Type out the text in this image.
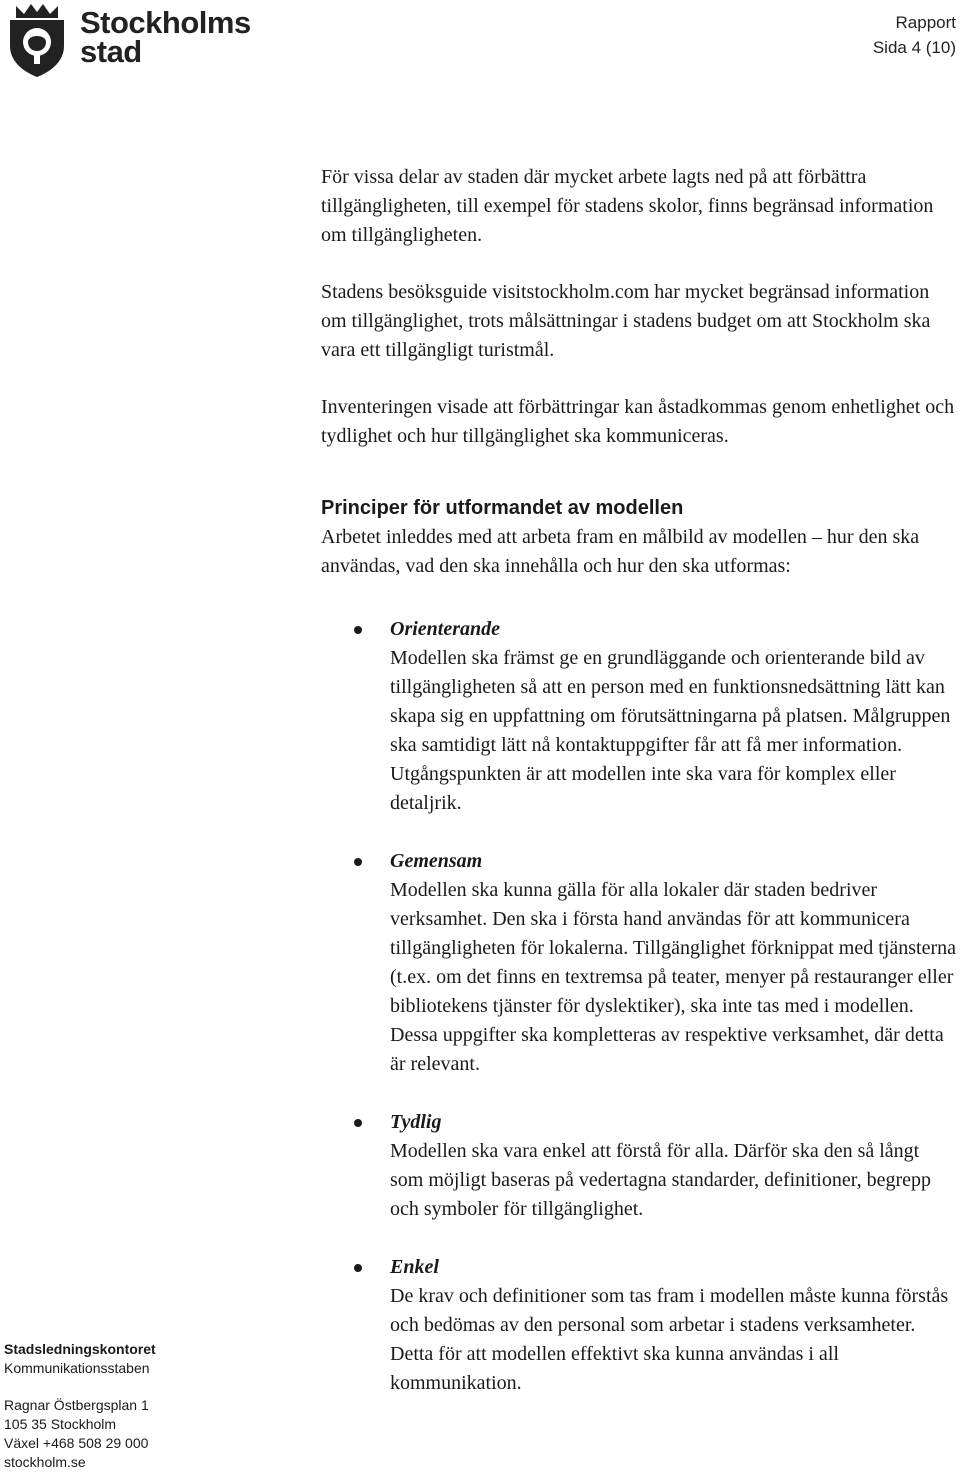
Stockholms
stad
Rapport
Sida 4 (10)

För vissa delar av staden där mycket arbete lagts ned på att förbättra tillgängligheten, till exempel för stadens skolor, finns begränsad information om tillgängligheten.

Stadens besöksguide visitstockholm.com har mycket begränsad information om tillgänglighet, trots målsättningar i stadens budget om att Stockholm ska vara ett tillgängligt turistmål.

Inventeringen visade att förbättringar kan åstadkommas genom enhetlighet och tydlighet och hur tillgänglighet ska kommuniceras.

Principer för utformandet av modellen

Arbetet inleddes med att arbeta fram en målbild av modellen – hur den ska användas, vad den ska innehålla och hur den ska utformas:

Orienterande
Modellen ska främst ge en grundläggande och orienterande bild av tillgängligheten så att en person med en funktionsnedsättning lätt kan skapa sig en uppfattning om förutsättningarna på platsen. Målgruppen ska samtidigt lätt nå kontaktuppgifter får att få mer information. Utgångspunkten är att modellen inte ska vara för komplex eller detaljrik.
Gemensam
Modellen ska kunna gälla för alla lokaler där staden bedriver verksamhet. Den ska i första hand användas för att kommunicera tillgängligheten för lokalerna. Tillgänglighet förknippat med tjänsterna (t.ex. om det finns en textremsa på teater, menyer på restauranger eller bibliotekens tjänster för dyslektiker), ska inte tas med i modellen. Dessa uppgifter ska kompletteras av respektive verksamhet, där detta är relevant.
Tydlig
Modellen ska vara enkel att förstå för alla. Därför ska den så långt som möjligt baseras på vedertagna standarder, definitioner, begrepp och symboler för tillgänglighet.
Enkel
De krav och definitioner som tas fram i modellen måste kunna förstås och bedömas av den personal som arbetar i stadens verksamheter. Detta för att modellen effektivt ska kunna användas i all kommunikation.
Stadsledningskontoret
Kommunikationsstaben
Ragnar Östbergsplan 1
105 35 Stockholm
Växel +468 508 29 000
stockholm.se
